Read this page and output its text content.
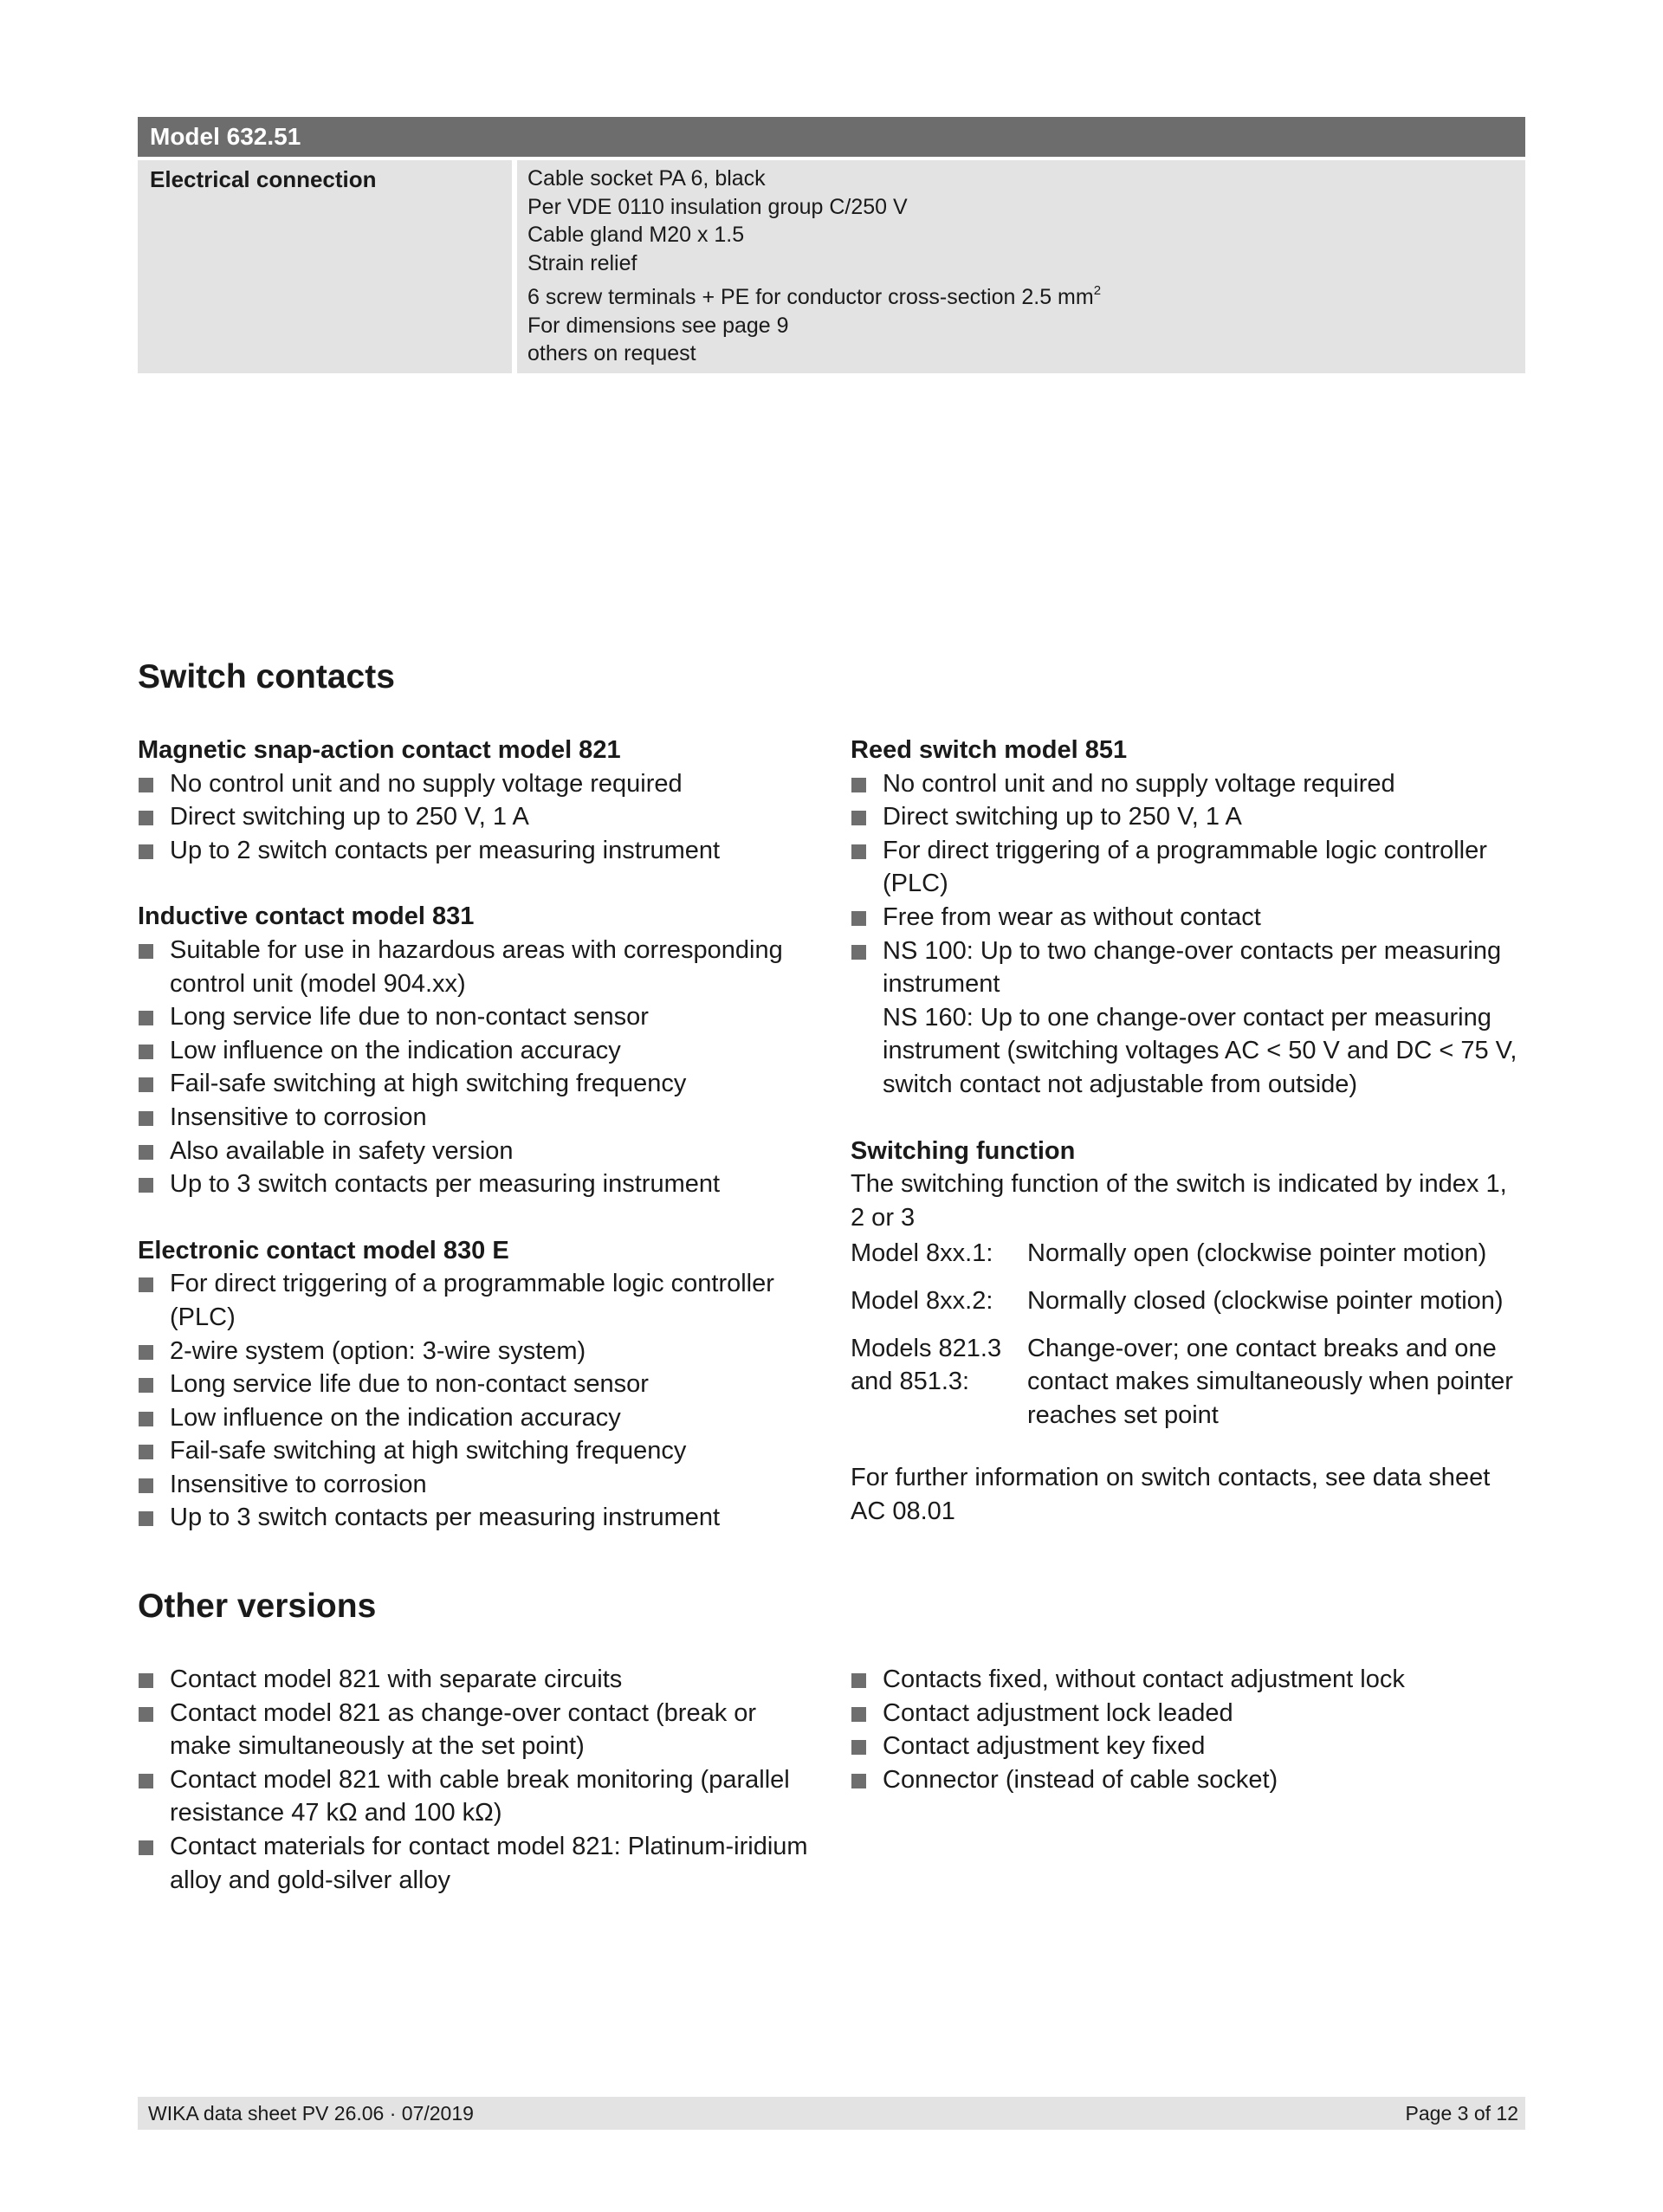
Model 632.51
Electrical connection	Cable socket PA 6, black
Per VDE 0110 insulation group C/250 V
Cable gland M20 x 1.5
Strain relief
6 screw terminals + PE for conductor cross-section 2.5 $mm^2$
For dimensions see page 9
others on request
Switch contacts
Magnetic snap-action contact model 821
No control unit and no supply voltage required
Direct switching up to 250 V, 1 A
Up to 2 switch contacts per measuring instrument
Inductive contact model 831
Suitable for use in hazardous areas with corresponding control unit (model 904.xx)
Long service life due to non-contact sensor
Low influence on the indication accuracy
Fail-safe switching at high switching frequency
Insensitive to corrosion
Also available in safety version
Up to 3 switch contacts per measuring instrument
Electronic contact model 830 E
For direct triggering of a programmable logic controller (PLC)
2-wire system (option: 3-wire system)
Long service life due to non-contact sensor
Low influence on the indication accuracy
Fail-safe switching at high switching frequency
Insensitive to corrosion
Up to 3 switch contacts per measuring instrument
Reed switch model 851
No control unit and no supply voltage required
Direct switching up to 250 V, 1 A
For direct triggering of a programmable logic controller (PLC)
Free from wear as without contact
NS 100: Up to two change-over contacts per measuring instrument
NS 160: Up to one change-over contact per measuring instrument (switching voltages AC < 50 V and DC < 75 V, switch contact not adjustable from outside)
Switching function
The switching function of the switch is indicated by index 1, 2 or 3
Model 8xx.1:	Normally open (clockwise pointer motion)
Model 8xx.2:	Normally closed (clockwise pointer motion)
Models 821.3 and 851.3:
Change-over; one contact breaks and one contact makes simultaneously when pointer reaches set point
For further information on switch contacts, see data sheet AC 08.01
Other versions
Contact model 821 with separate circuits
Contact model 821 as change-over contact (break or make simultaneously at the set point)
Contact model 821 with cable break monitoring (parallel resistance 47 kΩ and 100 kΩ)
Contact materials for contact model 821: Platinum-iridium alloy and gold-silver alloy
Contacts fixed, without contact adjustment lock
Contact adjustment lock leaded
Contact adjustment key fixed
Connector (instead of cable socket)
WIKA data sheet PV 26.06 · 07/2019	Page 3 of 12
